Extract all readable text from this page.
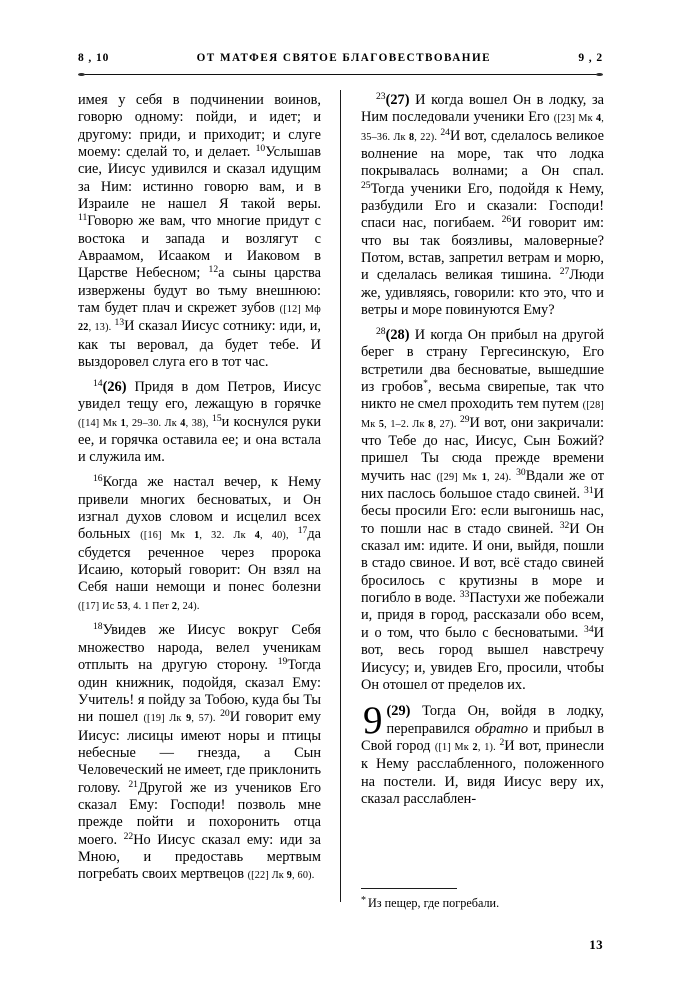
8 , 10	ОТ МАТФЕЯ СВЯТОЕ БЛАГОВЕСТВОВАНИЕ	9 , 2

имея у себя в подчинении воинов, говорю одному: пойди, и идет; и другому: приди, и приходит; и слуге моему: сделай то, и делает. $^{10}$Услышав сие, Иисус удивился и сказал идущим за Ним: истинно говорю вам, и в Израиле не нашел Я такой веры. $^{11}$Говорю же вам, что многие придут с востока и запада и возлягут с Авраамом, Исааком и Иаковом в Царстве Небесном; $^{12}$а сыны царства извержены будут во тьму внешнюю: там будет плач и скрежет зубов ([12] Мф 22, 13). $^{13}$И сказал Иисус сотнику: иди, и, как ты веровал, да будет тебе. И выздоровел слуга его в тот час.

$^{14}$(26) Придя в дом Петров, Иисус увидел тещу его, лежащую в горячке ([14] Мк 1, 29–30. Лк 4, 38), $^{15}$и коснулся руки ее, и горячка оставила ее; и она встала и служила им.

$^{16}$Когда же настал вечер, к Нему привели многих бесноватых, и Он изгнал духов словом и исцелил всех больных ([16] Мк 1, 32. Лк 4, 40), $^{17}$да сбудется реченное через пророка Исаию, который говорит: Он взял на Себя наши немощи и понес болезни ([17] Ис 53, 4. 1 Пет 2, 24).

$^{18}$Увидев же Иисус вокруг Себя множество народа, велел ученикам отплыть на другую сторону. $^{19}$Тогда один книжник, подойдя, сказал Ему: Учитель! я пойду за Тобою, куда бы Ты ни пошел ([19] Лк 9, 57). $^{20}$И говорит ему Иисус: лисицы имеют норы и птицы небесные — гнезда, а Сын Человеческий не имеет, где приклонить голову. $^{21}$Другой же из учеников Его сказал Ему: Господи! позволь мне прежде пойти и похоронить отца моего. $^{22}$Но Иисус сказал ему: иди за Мною, и предоставь мертвым погребать своих мертвецов ([22] Лк 9, 60).

$^{23}$(27) И когда вошел Он в лодку, за Ним последовали ученики Его ([23] Мк 4, 35–36. Лк 8, 22). $^{24}$И вот, сделалось великое волнение на море, так что лодка покрывалась волнами; а Он спал. $^{25}$Тогда ученики Его, подойдя к Нему, разбудили Его и сказали: Господи! спаси нас, погибаем. $^{26}$И говорит им: что вы так боязливы, маловерные? Потом, встав, запретил ветрам и морю, и сделалась великая тишина. $^{27}$Люди же, удивляясь, говорили: кто это, что и ветры и море повинуются Ему?

$^{28}$(28) И когда Он прибыл на другой берег в страну Гергесинскую, Его встретили два бесноватые, вышедшие из гробов*, весьма свирепые, так что никто не смел проходить тем путем ([28] Мк 5, 1–2. Лк 8, 27). $^{29}$И вот, они закричали: что Тебе до нас, Иисус, Сын Божий? пришел Ты сюда прежде времени мучить нас ([29] Мк 1, 24). $^{30}$Вдали же от них паслось большое стадо свиней. $^{31}$И бесы просили Его: если выгонишь нас, то пошли нас в стадо свиней. $^{32}$И Он сказал им: идите. И они, выйдя, пошли в стадо свиное. И вот, всё стадо свиней бросилось с крутизны в море и погибло в воде. $^{33}$Пастухи же побежали и, придя в город, рассказали обо всем, и о том, что было с бесноватыми. $^{34}$И вот, весь город вышел навстречу Иисусу; и, увидев Его, просили, чтобы Он отошел от пределов их.

9 (29) Тогда Он, войдя в лодку, переправился обратно и прибыл в Свой город ([1] Мк 2, 1). $^2$И вот, принесли к Нему расслабленного, положенного на постели. И, видя Иисус веру их, сказал расслаблен-

* Из пещер, где погребали.
13
